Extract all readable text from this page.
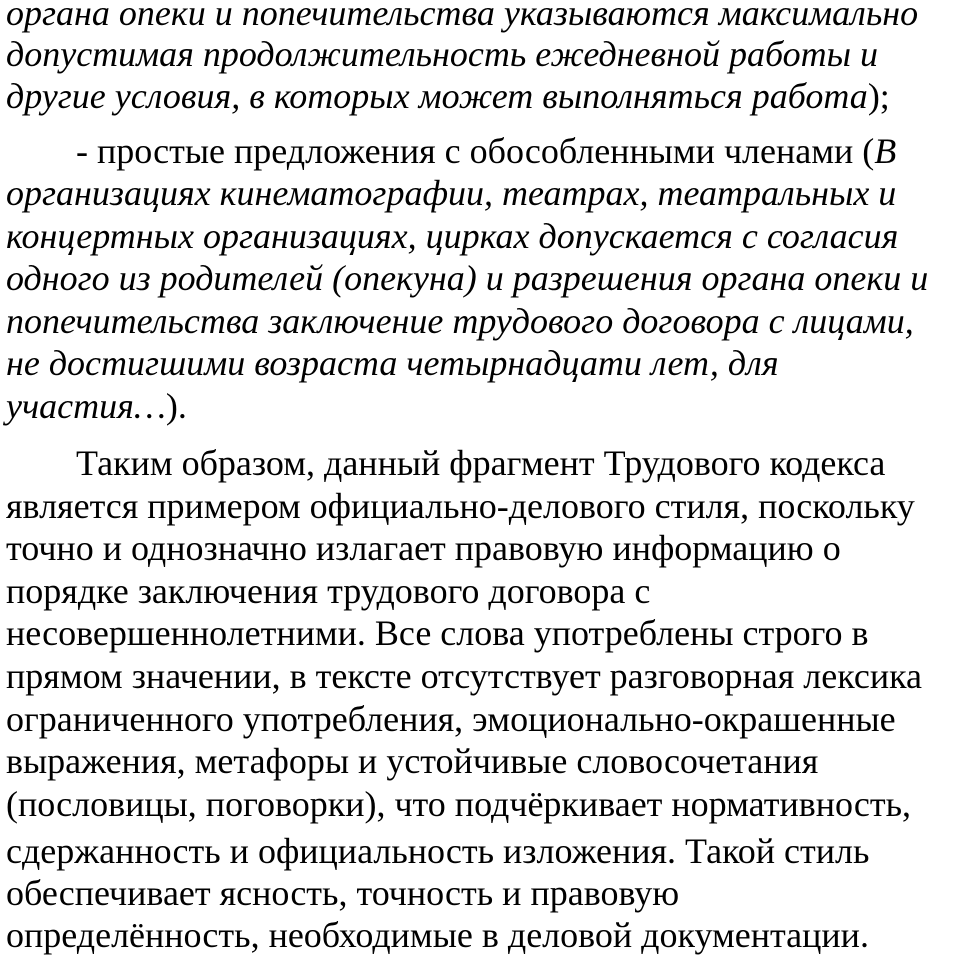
органа опеки и попечительства указываются максимально
допустимая продолжительность ежедневной работы и
другие условия, в которых может выполняться работа);
- простые предложения с обособленными членами (В
организациях кинематографии, театрах, театральных и
концертных организациях, цирках допускается с согласия
одного из родителей (опекуна) и разрешения органа опеки и
попечительства заключение трудового договора с лицами,
не достигшими возраста четырнадцати лет, для
участия…).
Таким образом, данный фрагмент Трудового кодекса
является примером официально-делового стиля, поскольку
точно и однозначно излагает правовую информацию о
порядке заключения трудового договора с
несовершеннолетними. Все слова употреблены строго в
прямом значении, в тексте отсутствует разговорная лексика
ограниченного употребления, эмоционально-окрашенные
выражения, метафоры и устойчивые словосочетания
(пословицы, поговорки), что подчёркивает нормативность,
сдержанность и официальность изложения. Такой стиль
обеспечивает ясность, точность и правовую
определённость, необходимые в деловой документации.
